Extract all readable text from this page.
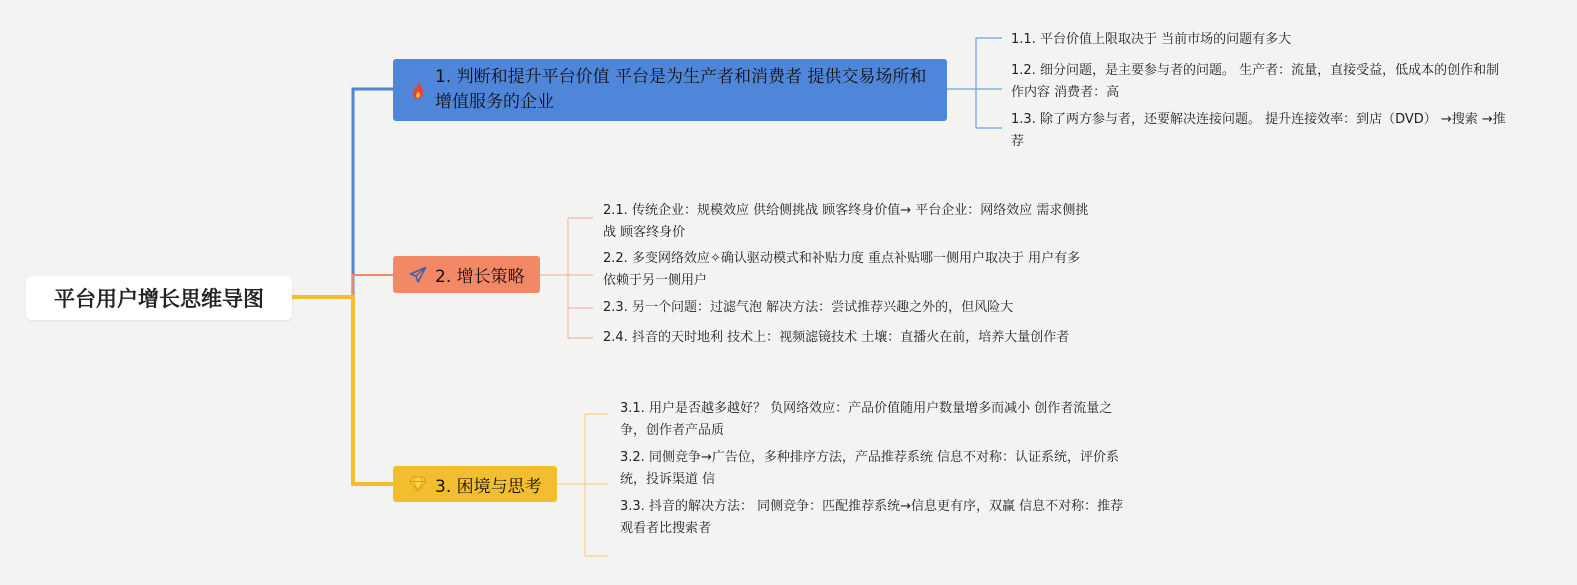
平台用户增长思维导图
1. 判断和提升平台价值 平台是为生产者和消费者 提供交易场所和增值服务的企业
2. 增长策略
3. 困境与思考
1.1. 平台价值上限取决于 当前市场的问题有多大
1.2. 细分问题，是主要参与者的问题。 生产者：流量，直接受益，低成本的创作和制作内容 消费者：高
1.3. 除了两方参与者，还要解决连接问题。 提升连接效率：到店（DVD） →搜索 →推荐
2.1. 传统企业：规模效应 供给侧挑战 顾客终身价值→ 平台企业：网络效应 需求侧挑战 顾客终身价
2.2. 多变网络效应✧确认驱动模式和补贴力度 重点补贴哪一侧用户取决于 用户有多依赖于另一侧用户
2.3. 另一个问题：过滤气泡 解决方法：尝试推荐兴趣之外的，但风险大
2.4. 抖音的天时地利 技术上：视频滤镜技术 土壤：直播火在前，培养大量创作者
3.1. 用户是否越多越好？ 负网络效应：产品价值随用户数量增多而减小 创作者流量之争，创作者产品质
3.2. 同侧竞争→广告位，多种排序方法，产品推荐系统 信息不对称：认证系统，评价系统，投诉渠道 信
3.3. 抖音的解决方法： 同侧竞争：匹配推荐系统→信息更有序，双赢 信息不对称：推荐观看者比搜索者
